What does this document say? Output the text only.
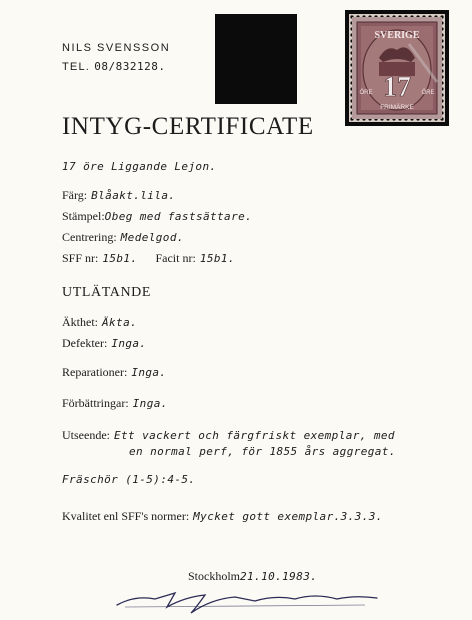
NILS SVENSSON
TEL. 08/832128.
SVERIGE
17
ÖRE	ÖRE
FRIMÄRKE
INTYG-CERTIFICATE
17 öre Liggande Lejon.
Färg: Blåakt.lila.
Stämpel:Obeg med fastsättare.
Centrering: Medelgod.
SFF nr: 15b1. Facit nr: 15b1.
UTLÄTANDE
Äkthet: Äkta.
Defekter: Inga.
Reparationer: Inga.
Förbättringar: Inga.
Utseende: Ett vackert och färgfriskt exemplar, med
en normal perf, för 1855 års aggregat.
Fräschör (1-5):4-5.
Kvalitet enl SFF's normer: Mycket gott exemplar.3.3.3.
Stockholm21.10.1983.
